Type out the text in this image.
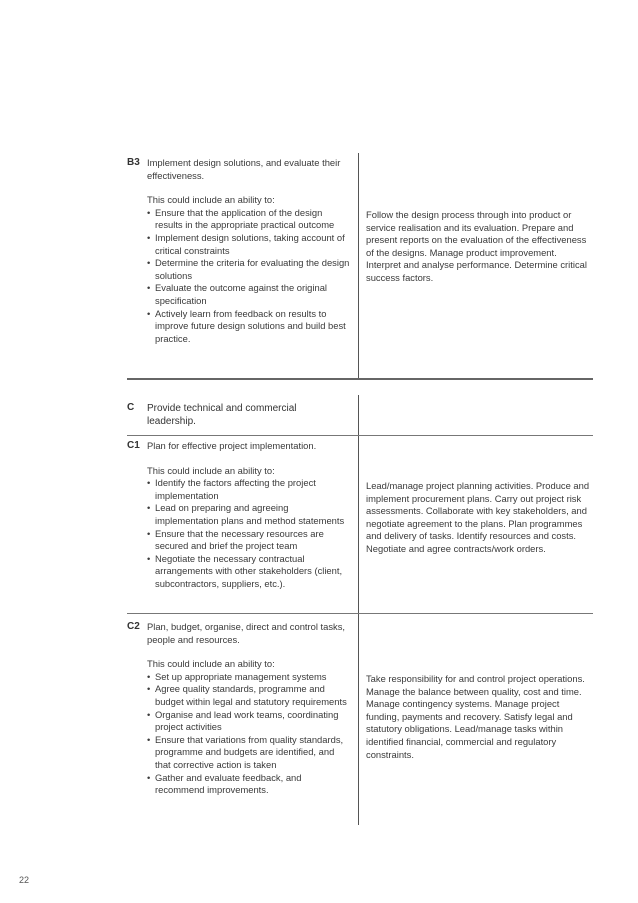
B3 Implement design solutions, and evaluate their effectiveness.

This could include an ability to:

• Ensure that the application of the design results in the appropriate practical outcome
• Implement design solutions, taking account of critical constraints
• Determine the criteria for evaluating the design solutions
• Evaluate the outcome against the original specification
• Actively learn from feedback on results to improve future design solutions and build best practice.
Follow the design process through into product or service realisation and its evaluation. Prepare and present reports on the evaluation of the effectiveness of the designs. Manage product improvement. Interpret and analyse performance. Determine critical success factors.
C	Provide technical and commercial leadership.
C1 Plan for effective project implementation.

This could include an ability to:

• Identify the factors affecting the project implementation
• Lead on preparing and agreeing implementation plans and method statements
• Ensure that the necessary resources are secured and brief the project team
• Negotiate the necessary contractual arrangements with other stakeholders (client, subcontractors, suppliers, etc.).
Lead/manage project planning activities. Produce and implement procurement plans. Carry out project risk assessments. Collaborate with key stakeholders, and negotiate agreement to the plans. Plan programmes and delivery of tasks. Identify resources and costs. Negotiate and agree contracts/work orders.
C2 Plan, budget, organise, direct and control tasks, people and resources.

This could include an ability to:

• Set up appropriate management systems
• Agree quality standards, programme and budget within legal and statutory requirements
• Organise and lead work teams, coordinating project activities
• Ensure that variations from quality standards, programme and budgets are identified, and that corrective action is taken
• Gather and evaluate feedback, and recommend improvements.
Take responsibility for and control project operations. Manage the balance between quality, cost and time. Manage contingency systems. Manage project funding, payments and recovery. Satisfy legal and statutory obligations. Lead/manage tasks within identified financial, commercial and regulatory constraints.
22
